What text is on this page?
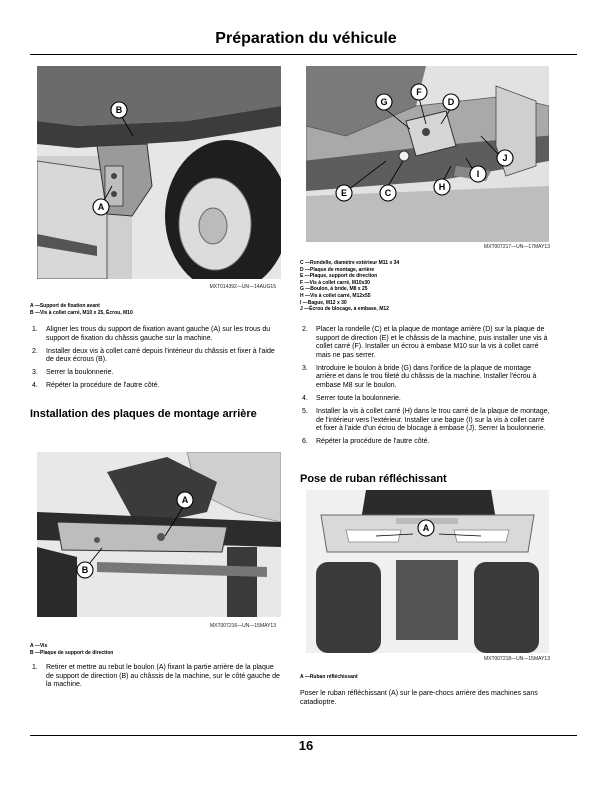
Préparation du véhicule
B
A
MXT014392—UN—14AUG15
A —Support de fixation avant
B —Vis à collet carré, M10 x 25, Écrou, M10
1. Aligner les trous du support de fixation avant gauche (A) sur les trous du support de fixation du châssis gauche sur la machine.
2. Installer deux vis à collet carré depuis l'intérieur du châssis et fixer à l'aide de deux écrous (B).
3. Serrer la boulonnerie.
4. Répéter la procédure de l'autre côté.
Installation des plaques de montage arrière
A
B
MXT007216—UN—15MAY13
A —Vis
B —Plaque de support de direction
1. Retirer et mettre au rebut le boulon (A) fixant la partie arrière de la plaque de support de direction (B) au châssis de la machine, sur le côté gauche de la machine.
G
F
D
J
I
H
E	C
MXT007217—UN—17MAY13
C —Rondelle, diamètre extérieur M11 x 34
D —Plaque de montage, arrière
E —Plaque, support de direction
F —Vis à collet carré, M10x30
G —Boulon, à bride, M8 x 25
H —Vis à collet carré, M12x55
I —Bague, M12 x 30
J —Écrou de blocage, à embase, M12
2. Placer la rondelle (C) et la plaque de montage arrière (D) sur la plaque de support de direction (E) et le châssis de la machine, puis installer une vis à collet carré (F). Installer un écrou à embase M10 sur la vis à collet carré mais ne pas serrer.
3. Introduire le boulon à bride (G) dans l'orifice de la plaque de montage arrière et dans le trou fileté du châssis de la machine. Installer l'écrou à embase M8 sur le boulon.
4. Serrer toute la boulonnerie.
5. Installer la vis à collet carré (H) dans le trou carré de la plaque de montage, de l'intérieur vers l'extérieur. Installer une bague (I) sur la vis à collet carré et fixer à l'aide d'un écrou de blocage à embase (J). Serrer la boulonnerie.
6. Répéter la procédure de l'autre côté.
Pose de ruban réfléchissant
A
MXT007218—UN—15MAY13
A —Ruban réfléchissant
Poser le ruban réfléchissant (A) sur le pare-chocs arrière des machines sans catadioptre.
16
